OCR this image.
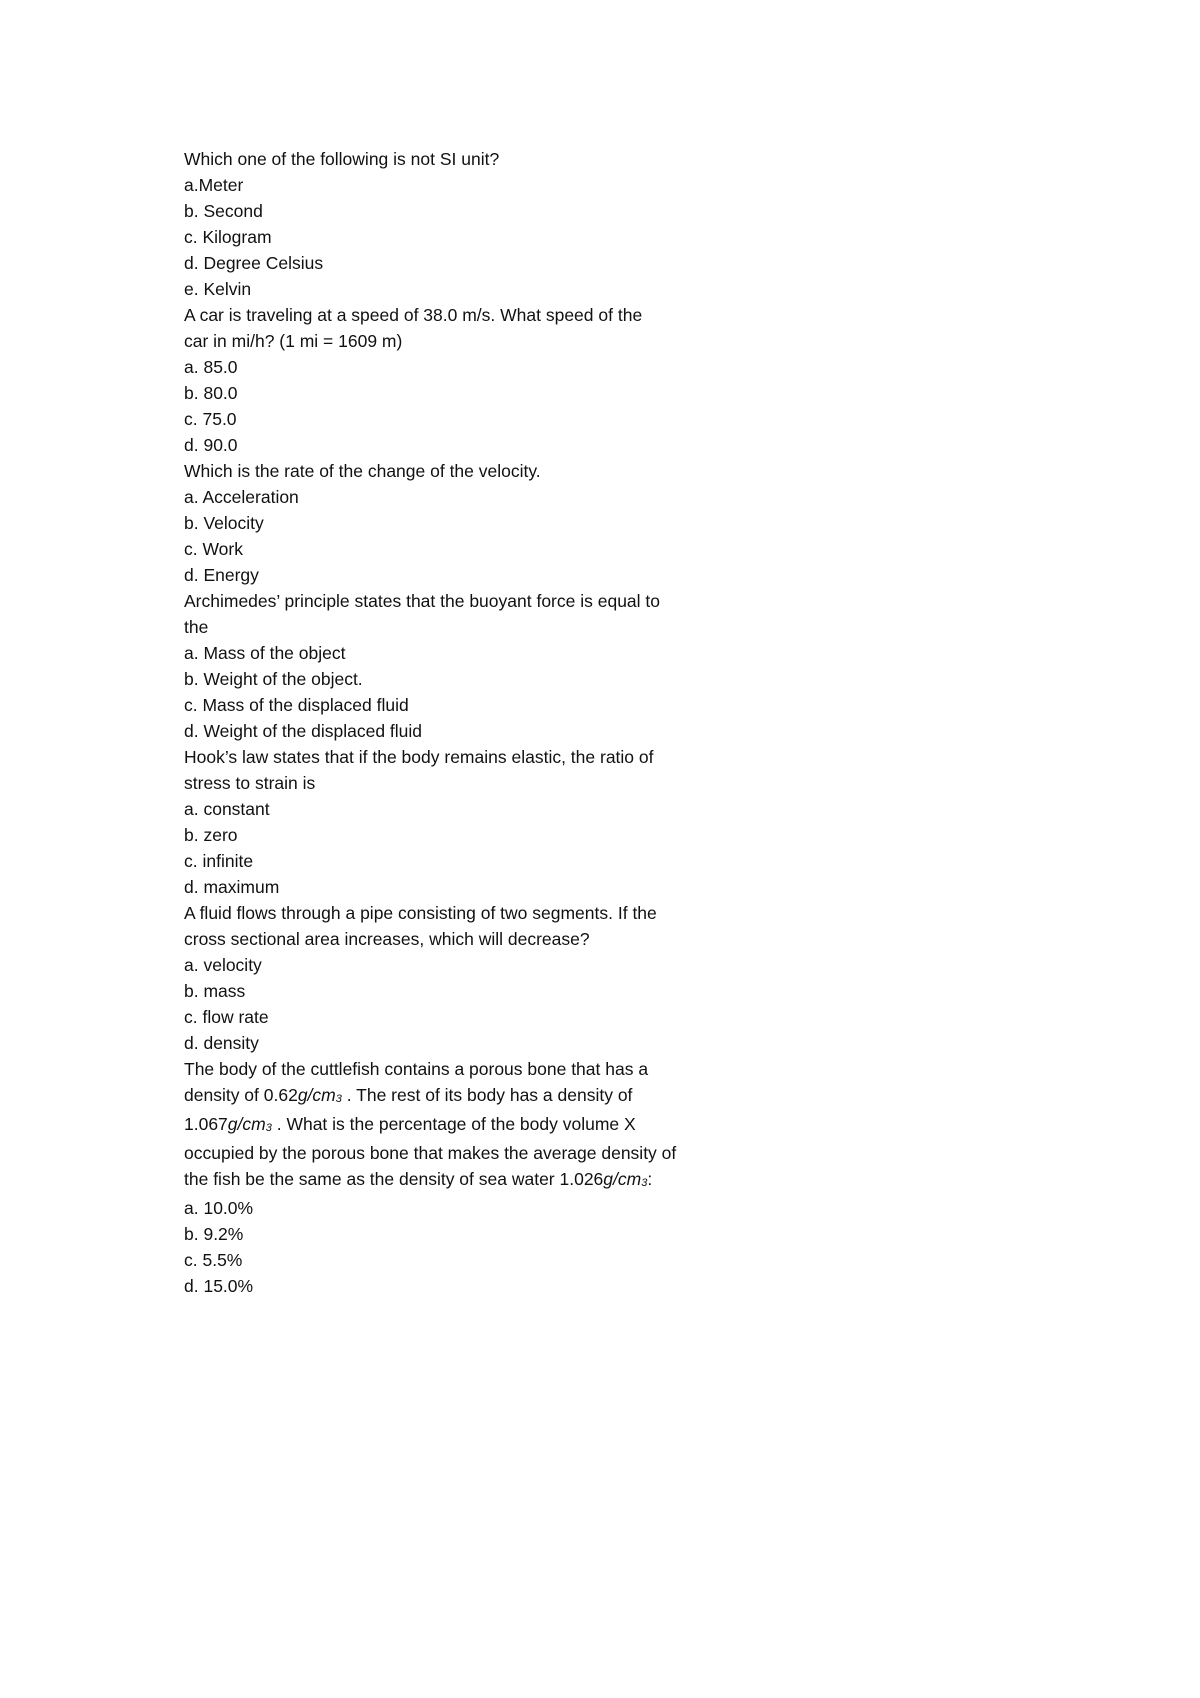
Which one of the following is not SI unit?
a.Meter
b. Second
c. Kilogram
d. Degree Celsius
e. Kelvin
A car is traveling at a speed of 38.0 m/s. What speed of the
car in mi/h? (1 mi = 1609 m)
a. 85.0
b. 80.0
c. 75.0
d. 90.0
Which is the rate of the change of the velocity.
a. Acceleration
b. Velocity
c. Work
d. Energy
Archimedes’ principle states that the buoyant force is equal to
the
a. Mass of the object
b. Weight of the object.
c. Mass of the displaced fluid
d. Weight of the displaced fluid
Hook’s law states that if the body remains elastic, the ratio of
stress to strain is
a. constant
b. zero
c. infinite
d. maximum
A fluid flows through a pipe consisting of two segments. If the
cross sectional area increases, which will decrease?
a. velocity
b. mass
c. flow rate
d. density
The body of the cuttlefish contains a porous bone that has a
density of 0.62g/cm3 . The rest of its body has a density of
1.067g/cm3 . What is the percentage of the body volume X
occupied by the porous bone that makes the average density of
the fish be the same as the density of sea water 1.026g/cm3:
a. 10.0%
b. 9.2%
c. 5.5%
d. 15.0%
